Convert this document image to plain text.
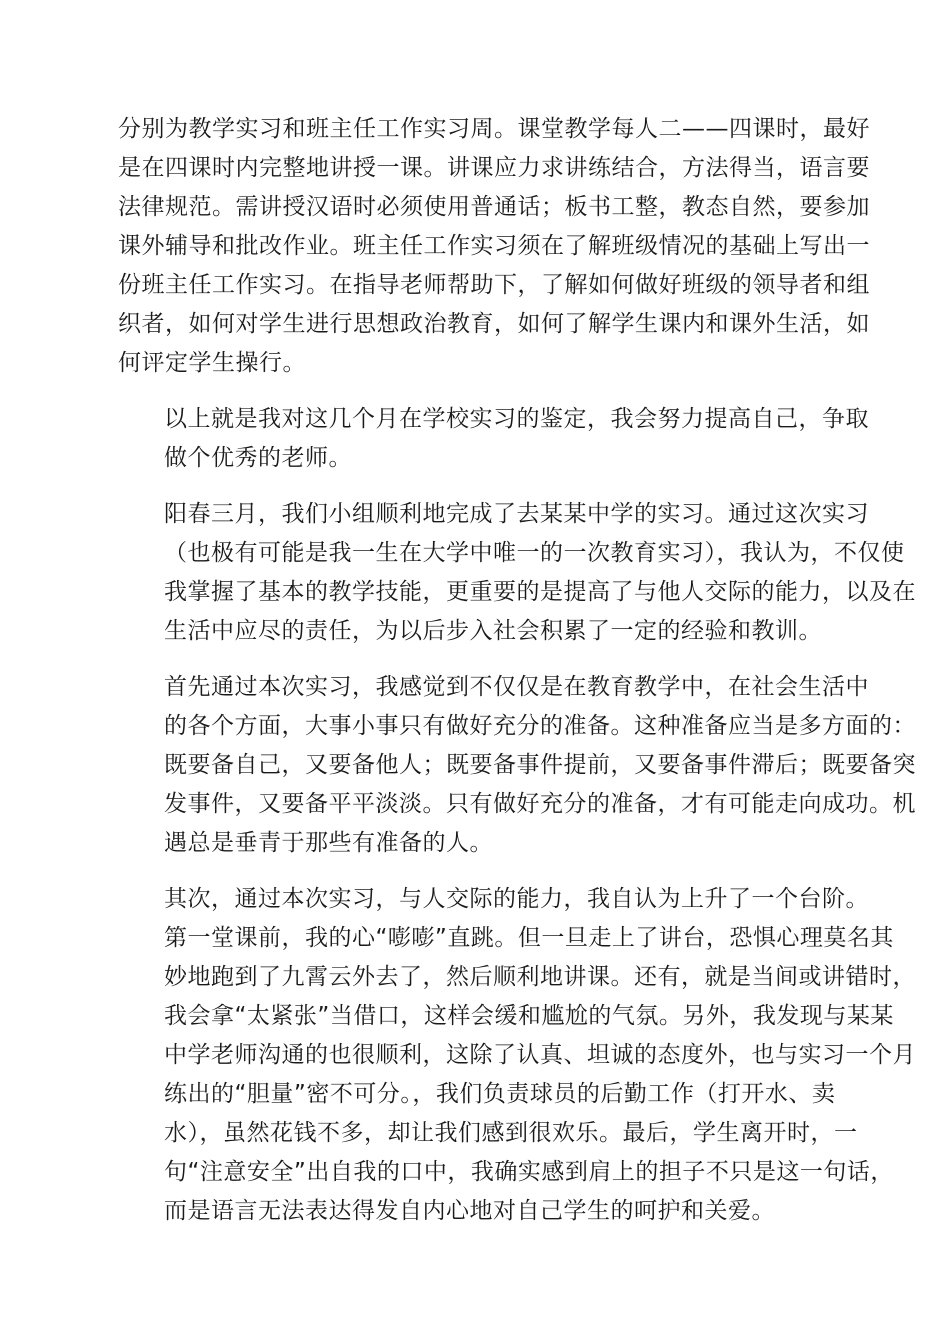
分别为教学实习和班主任工作实习周。课堂教学每人二——四课时，最好
是在四课时内完整地讲授一课。讲课应力求讲练结合，方法得当，语言要
法律规范。需讲授汉语时必须使用普通话；板书工整，教态自然，要参加
课外辅导和批改作业。班主任工作实习须在了解班级情况的基础上写出一
份班主任工作实习。在指导老师帮助下，了解如何做好班级的领导者和组
织者，如何对学生进行思想政治教育，如何了解学生课内和课外生活，如
何评定学生操行。

以上就是我对这几个月在学校实习的鉴定，我会努力提高自己，争取
做个优秀的老师。

阳春三月，我们小组顺利地完成了去某某中学的实习。通过这次实习
（也极有可能是我一生在大学中唯一的一次教育实习），我认为，不仅使
我掌握了基本的教学技能，更重要的是提高了与他人交际的能力，以及在
生活中应尽的责任，为以后步入社会积累了一定的经验和教训。

首先通过本次实习，我感觉到不仅仅是在教育教学中，在社会生活中
的各个方面，大事小事只有做好充分的准备。这种准备应当是多方面的：
既要备自己，又要备他人；既要备事件提前，又要备事件滞后；既要备突
发事件，又要备平平淡淡。只有做好充分的准备，才有可能走向成功。机
遇总是垂青于那些有准备的人。

其次，通过本次实习，与人交际的能力，我自认为上升了一个台阶。
第一堂课前，我的心“嘭嘭”直跳。但一旦走上了讲台，恐惧心理莫名其
妙地跑到了九霄云外去了，然后顺利地讲课。还有，就是当间或讲错时，
我会拿“太紧张”当借口，这样会缓和尴尬的气氛。另外，我发现与某某
中学老师沟通的也很顺利，这除了认真、坦诚的态度外，也与实习一个月
练出的“胆量”密不可分。，我们负责球员的后勤工作（打开水、卖
水），虽然花钱不多，却让我们感到很欢乐。最后，学生离开时，一
句“注意安全”出自我的口中，我确实感到肩上的担子不只是这一句话，
而是语言无法表达得发自内心地对自己学生的呵护和关爱。
